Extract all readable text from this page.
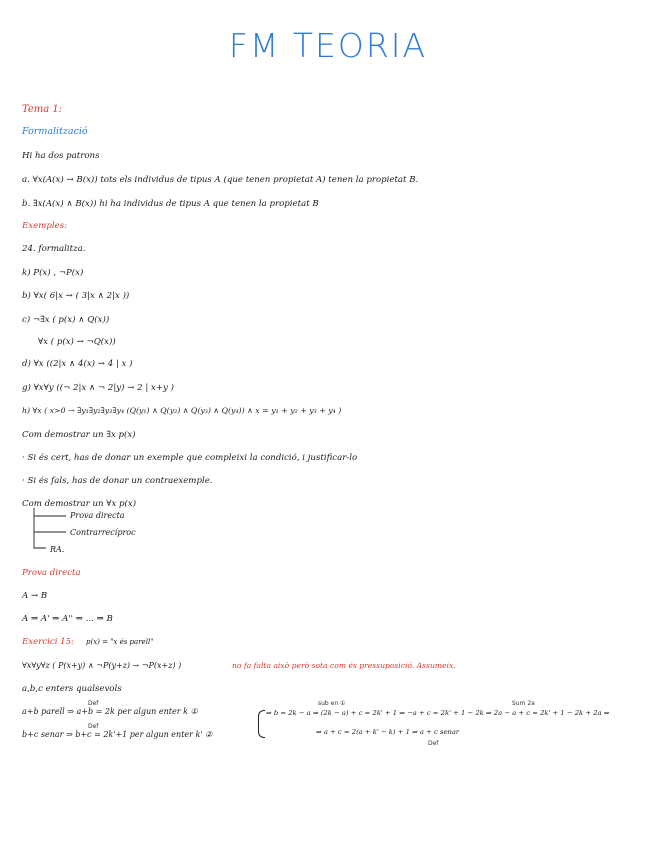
FM TEORIA
Tema 1:
Formalització
Hi ha dos patrons
a. ∀x(A(x) → B(x)) tots els individus de tipus A (que tenen propietat A) tenen la propietat B.
b. ∃x(A(x) ∧ B(x)) hi ha individus de tipus A que tenen la propietat B
Exemples:
24. formalitza.
k) P(x) , ¬P(x)
b) ∀x( 6|x → ( 3|x ∧ 2|x ))
c) ¬∃x ( p(x) ∧ Q(x))
∀x ( p(x) → ¬Q(x))
d) ∀x ((2|x ∧ 4(x) → 4 | x )
g) ∀x∀y ((¬ 2|x ∧ ¬ 2|y) → 2 | x+y )
h) ∀x ( x>0 → ∃y₁∃y₂∃y₃∃y₄ (Q(y₁) ∧ Q(y₂) ∧ Q(y₃) ∧ Q(y₄)) ∧ x = y₁ + y₂ + y₃ + y₄ )
Com demostrar un ∃x p(x)
· Si és cert, has de donar un exemple que compleixi la condició, i justificar-lo
· Si és fals, has de donar un contraexemple.
Com demostrar un ∀x p(x)
Prova directa
Contrarrecíproc
RA.
Prova directa
A → B
A ⇒ A' ⇒ A'' ⇒ ... ⇒ B
Exercici 15: p(x) = "x és parell"
∀x∀y∀z ( P(x+y) ∧ ¬P(y+z) → ¬P(x+z) )	no fa falta això però sota com és pressuposició. Assumeix.
a,b,c enters qualsevols
Def
a+b parell ⇒ a+b = 2k per algun enter k ①
Def
b+c senar ⇒ b+c = 2k'+1 per algun enter k' ②
sub en ①	Sum 2a
⇒ b = 2k − a ⇒ (2k − a) + c = 2k' + 1 ⇒ −a + c = 2k' + 1 − 2k ⇒ 2a − a + c = 2k' + 1 − 2k + 2a ⇒
⇒ a + c = 2(a + k' − k) + 1 ⇒ a + c senar
Def
